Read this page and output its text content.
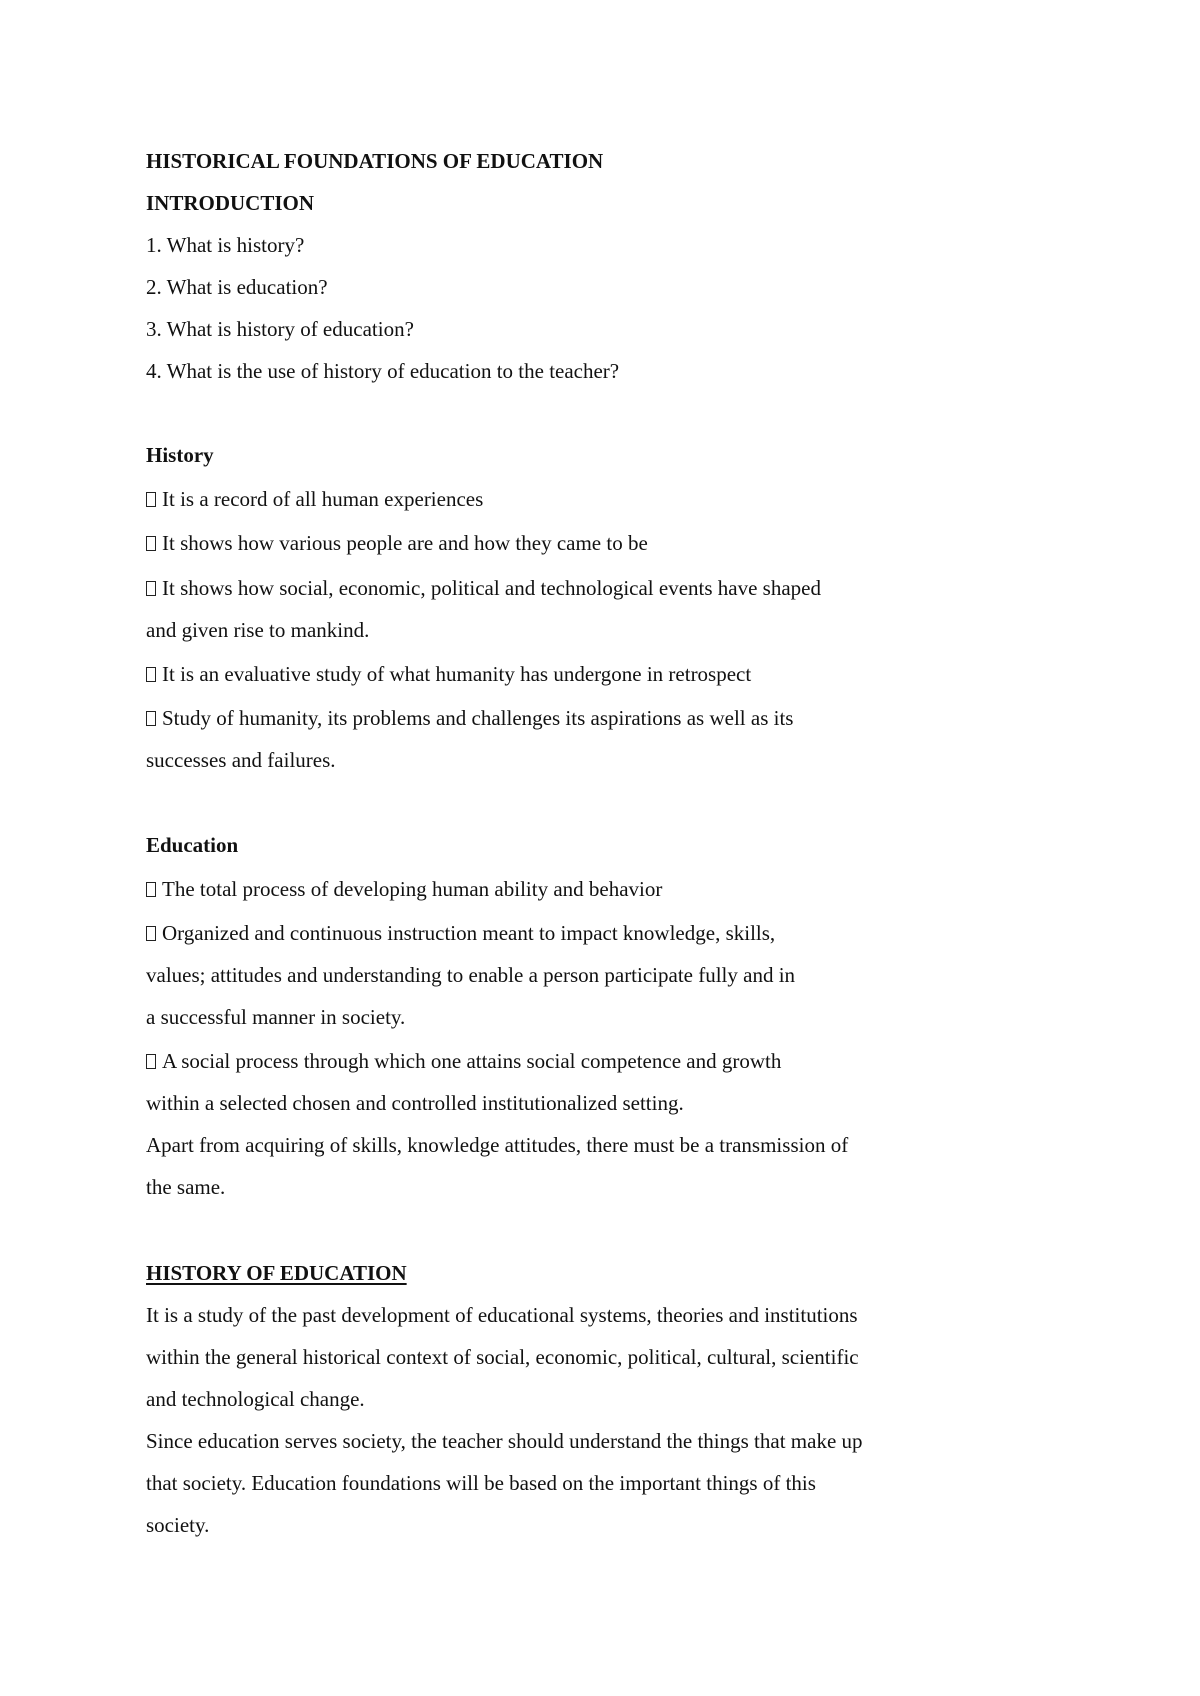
HISTORICAL FOUNDATIONS OF EDUCATION

INTRODUCTION

1. What is history?

2. What is education?

3. What is history of education?

4. What is the use of history of education to the teacher?

History

It is a record of all human experiences

It shows how various people are and how they came to be

It shows how social, economic, political and technological events have shaped

and given rise to mankind.

It is an evaluative study of what humanity has undergone in retrospect

Study of humanity, its problems and challenges its aspirations as well as its

successes and failures.

Education

The total process of developing human ability and behavior

Organized and continuous instruction meant to impact knowledge, skills,

values; attitudes and understanding to enable a person participate fully and in

a successful manner in society.

A social process through which one attains social competence and growth

within a selected chosen and controlled institutionalized setting.

Apart from acquiring of skills, knowledge attitudes, there must be a transmission of

the same.

HISTORY OF EDUCATION

It is a study of the past development of educational systems, theories and institutions

within the general historical context of social, economic, political, cultural, scientific

and technological change.

Since education serves society, the teacher should understand the things that make up

that society. Education foundations will be based on the important things of this

society.
